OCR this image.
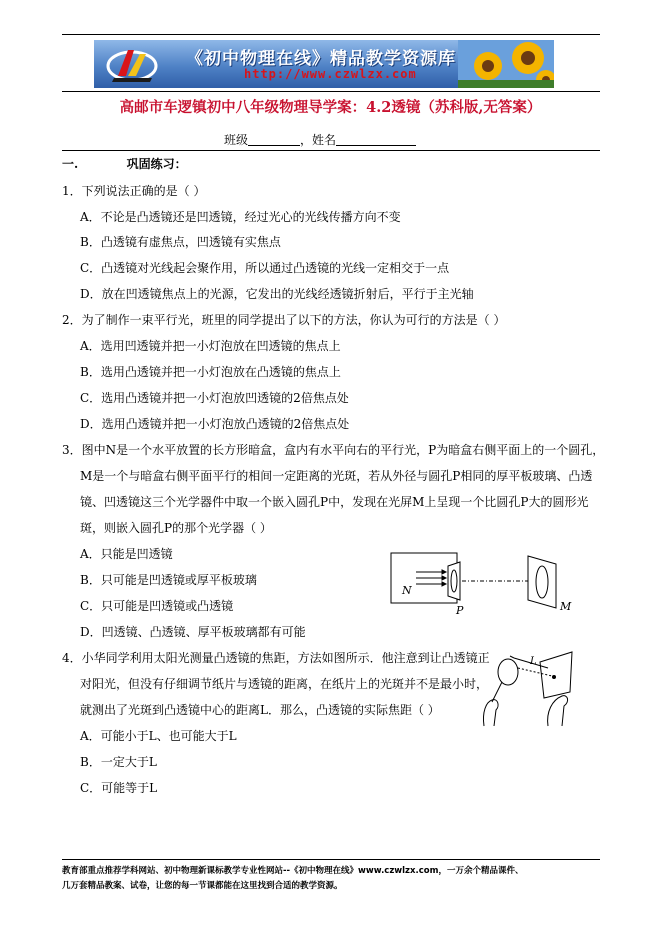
《初中物理在线》精品教学资源库
http://www.czwlzx.com
高邮市车逻镇初中八年级物理导学案：4.2透镜（苏科版,无答案）
班级	，姓名
一.	巩固练习：
1．下列说法正确的是（ ）
A．不论是凸透镜还是凹透镜，经过光心的光线传播方向不变
B．凸透镜有虚焦点，凹透镜有实焦点
C．凸透镜对光线起会聚作用，所以通过凸透镜的光线一定相交于一点
D．放在凹透镜焦点上的光源，它发出的光线经透镜折射后，平行于主光轴
2．为了制作一束平行光，班里的同学提出了以下的方法，你认为可行的方法是（ ）
A．选用凹透镜并把一小灯泡放在凹透镜的焦点上
B．选用凸透镜并把一小灯泡放在凸透镜的焦点上
C．选用凸透镜并把一小灯泡放凹透镜的2倍焦点处
D．选用凸透镜并把一小灯泡放凸透镜的2倍焦点处
3．图中N是一个水平放置的长方形暗盒，盒内有水平向右的平行光，P为暗盒右侧平面上的一个圆孔，
M是一个与暗盒右侧平面平行的相间一定距离的光斑，若从外径与圆孔P相同的厚平板玻璃、凸透
镜、凹透镜这三个光学器件中取一个嵌入圆孔P中，发现在光屏M上呈现一个比圆孔P大的圆形光
斑，则嵌入圆孔P的那个光学器（ ）
A．只能是凹透镜
B．只可能是凹透镜或厚平板玻璃
C．只可能是凹透镜或凸透镜
D．凹透镜、凸透镜、厚平板玻璃都有可能
N
P	M
4．小华同学利用太阳光测量凸透镜的焦距，方法如图所示．他注意到让凸透镜正
对阳光，但没有仔细调节纸片与透镜的距离，在纸片上的光斑并不是最小时，
就测出了光斑到凸透镜中心的距离L．那么，凸透镜的实际焦距（ ）
A．可能小于L、也可能大于L
B．一定大于L
C．可能等于L
L
教育部重点推荐学科网站、初中物理新课标教学专业性网站--《初中物理在线》www.czwlzx.com，一万余个精品课件、
几万套精品教案、试卷，让您的每一节课都能在这里找到合适的教学资源。
